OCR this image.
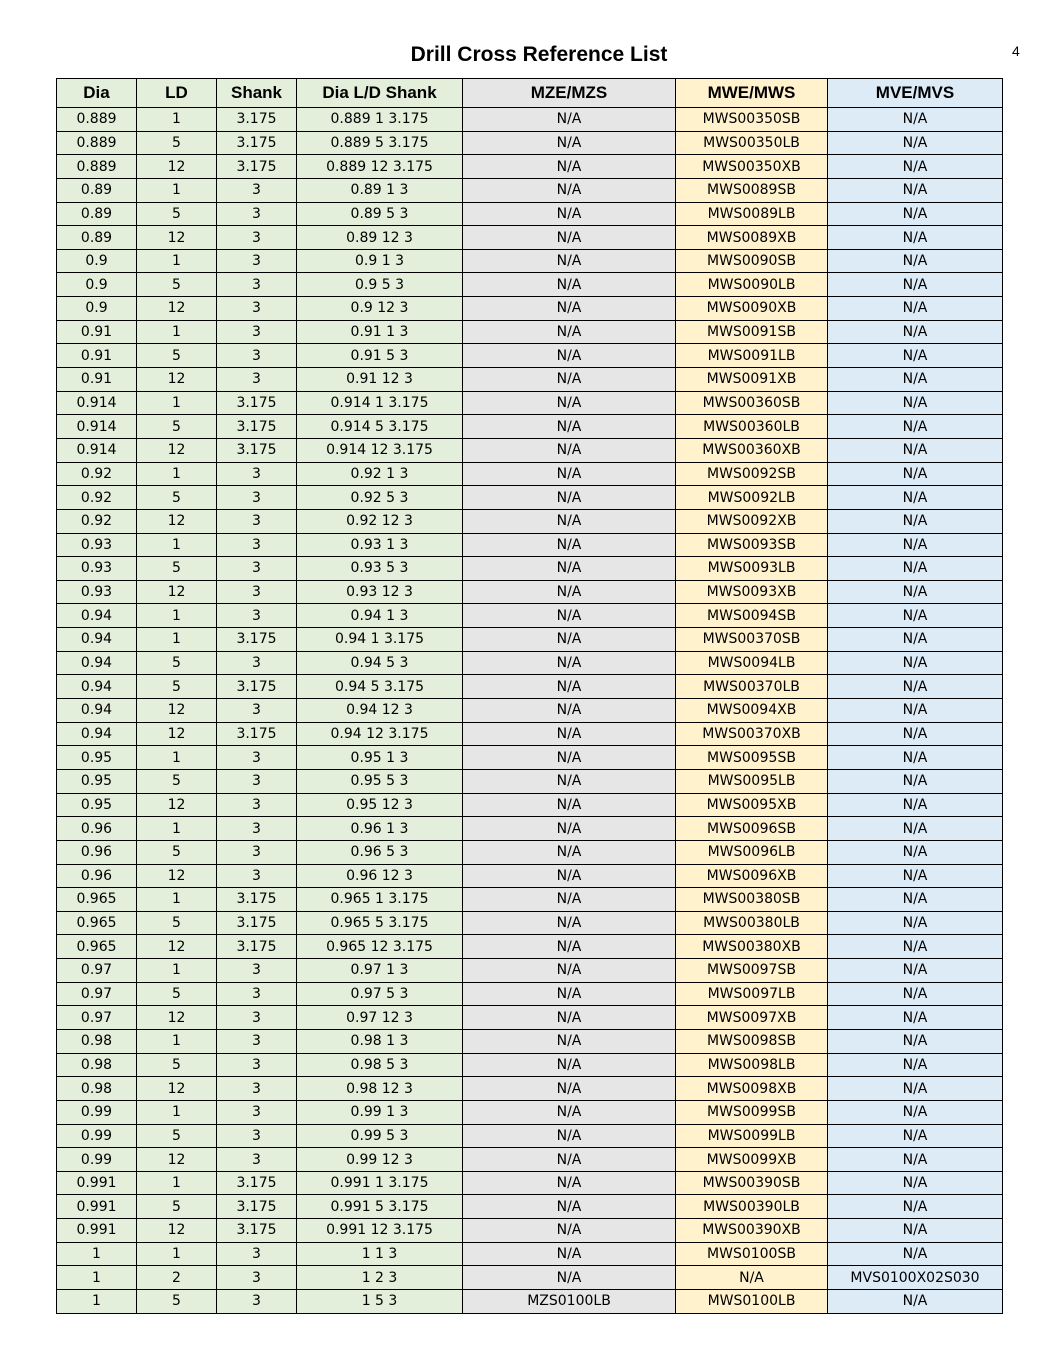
Drill Cross Reference List	4
Dia	LD	Shank	Dia L/D Shank	MZE/MZS	MWE/MWS	MVE/MVS
0.889	1	3.175	0.889 1 3.175	N/A	MWS00350SB	N/A
0.889	5	3.175	0.889 5 3.175	N/A	MWS00350LB	N/A
0.889	12	3.175	0.889 12 3.175	N/A	MWS00350XB	N/A
0.89	1	3	0.89 1 3	N/A	MWS0089SB	N/A
0.89	5	3	0.89 5 3	N/A	MWS0089LB	N/A
0.89	12	3	0.89 12 3	N/A	MWS0089XB	N/A
0.9	1	3	0.9 1 3	N/A	MWS0090SB	N/A
0.9	5	3	0.9 5 3	N/A	MWS0090LB	N/A
0.9	12	3	0.9 12 3	N/A	MWS0090XB	N/A
0.91	1	3	0.91 1 3	N/A	MWS0091SB	N/A
0.91	5	3	0.91 5 3	N/A	MWS0091LB	N/A
0.91	12	3	0.91 12 3	N/A	MWS0091XB	N/A
0.914	1	3.175	0.914 1 3.175	N/A	MWS00360SB	N/A
0.914	5	3.175	0.914 5 3.175	N/A	MWS00360LB	N/A
0.914	12	3.175	0.914 12 3.175	N/A	MWS00360XB	N/A
0.92	1	3	0.92 1 3	N/A	MWS0092SB	N/A
0.92	5	3	0.92 5 3	N/A	MWS0092LB	N/A
0.92	12	3	0.92 12 3	N/A	MWS0092XB	N/A
0.93	1	3	0.93 1 3	N/A	MWS0093SB	N/A
0.93	5	3	0.93 5 3	N/A	MWS0093LB	N/A
0.93	12	3	0.93 12 3	N/A	MWS0093XB	N/A
0.94	1	3	0.94 1 3	N/A	MWS0094SB	N/A
0.94	1	3.175	0.94 1 3.175	N/A	MWS00370SB	N/A
0.94	5	3	0.94 5 3	N/A	MWS0094LB	N/A
0.94	5	3.175	0.94 5 3.175	N/A	MWS00370LB	N/A
0.94	12	3	0.94 12 3	N/A	MWS0094XB	N/A
0.94	12	3.175	0.94 12 3.175	N/A	MWS00370XB	N/A
0.95	1	3	0.95 1 3	N/A	MWS0095SB	N/A
0.95	5	3	0.95 5 3	N/A	MWS0095LB	N/A
0.95	12	3	0.95 12 3	N/A	MWS0095XB	N/A
0.96	1	3	0.96 1 3	N/A	MWS0096SB	N/A
0.96	5	3	0.96 5 3	N/A	MWS0096LB	N/A
0.96	12	3	0.96 12 3	N/A	MWS0096XB	N/A
0.965	1	3.175	0.965 1 3.175	N/A	MWS00380SB	N/A
0.965	5	3.175	0.965 5 3.175	N/A	MWS00380LB	N/A
0.965	12	3.175	0.965 12 3.175	N/A	MWS00380XB	N/A
0.97	1	3	0.97 1 3	N/A	MWS0097SB	N/A
0.97	5	3	0.97 5 3	N/A	MWS0097LB	N/A
0.97	12	3	0.97 12 3	N/A	MWS0097XB	N/A
0.98	1	3	0.98 1 3	N/A	MWS0098SB	N/A
0.98	5	3	0.98 5 3	N/A	MWS0098LB	N/A
0.98	12	3	0.98 12 3	N/A	MWS0098XB	N/A
0.99	1	3	0.99 1 3	N/A	MWS0099SB	N/A
0.99	5	3	0.99 5 3	N/A	MWS0099LB	N/A
0.99	12	3	0.99 12 3	N/A	MWS0099XB	N/A
0.991	1	3.175	0.991 1 3.175	N/A	MWS00390SB	N/A
0.991	5	3.175	0.991 5 3.175	N/A	MWS00390LB	N/A
0.991	12	3.175	0.991 12 3.175	N/A	MWS00390XB	N/A
1	1	3	1 1 3	N/A	MWS0100SB	N/A
1	2	3	1 2 3	N/A	N/A	MVS0100X02S030
1	5	3	1 5 3	MZS0100LB	MWS0100LB	N/A
